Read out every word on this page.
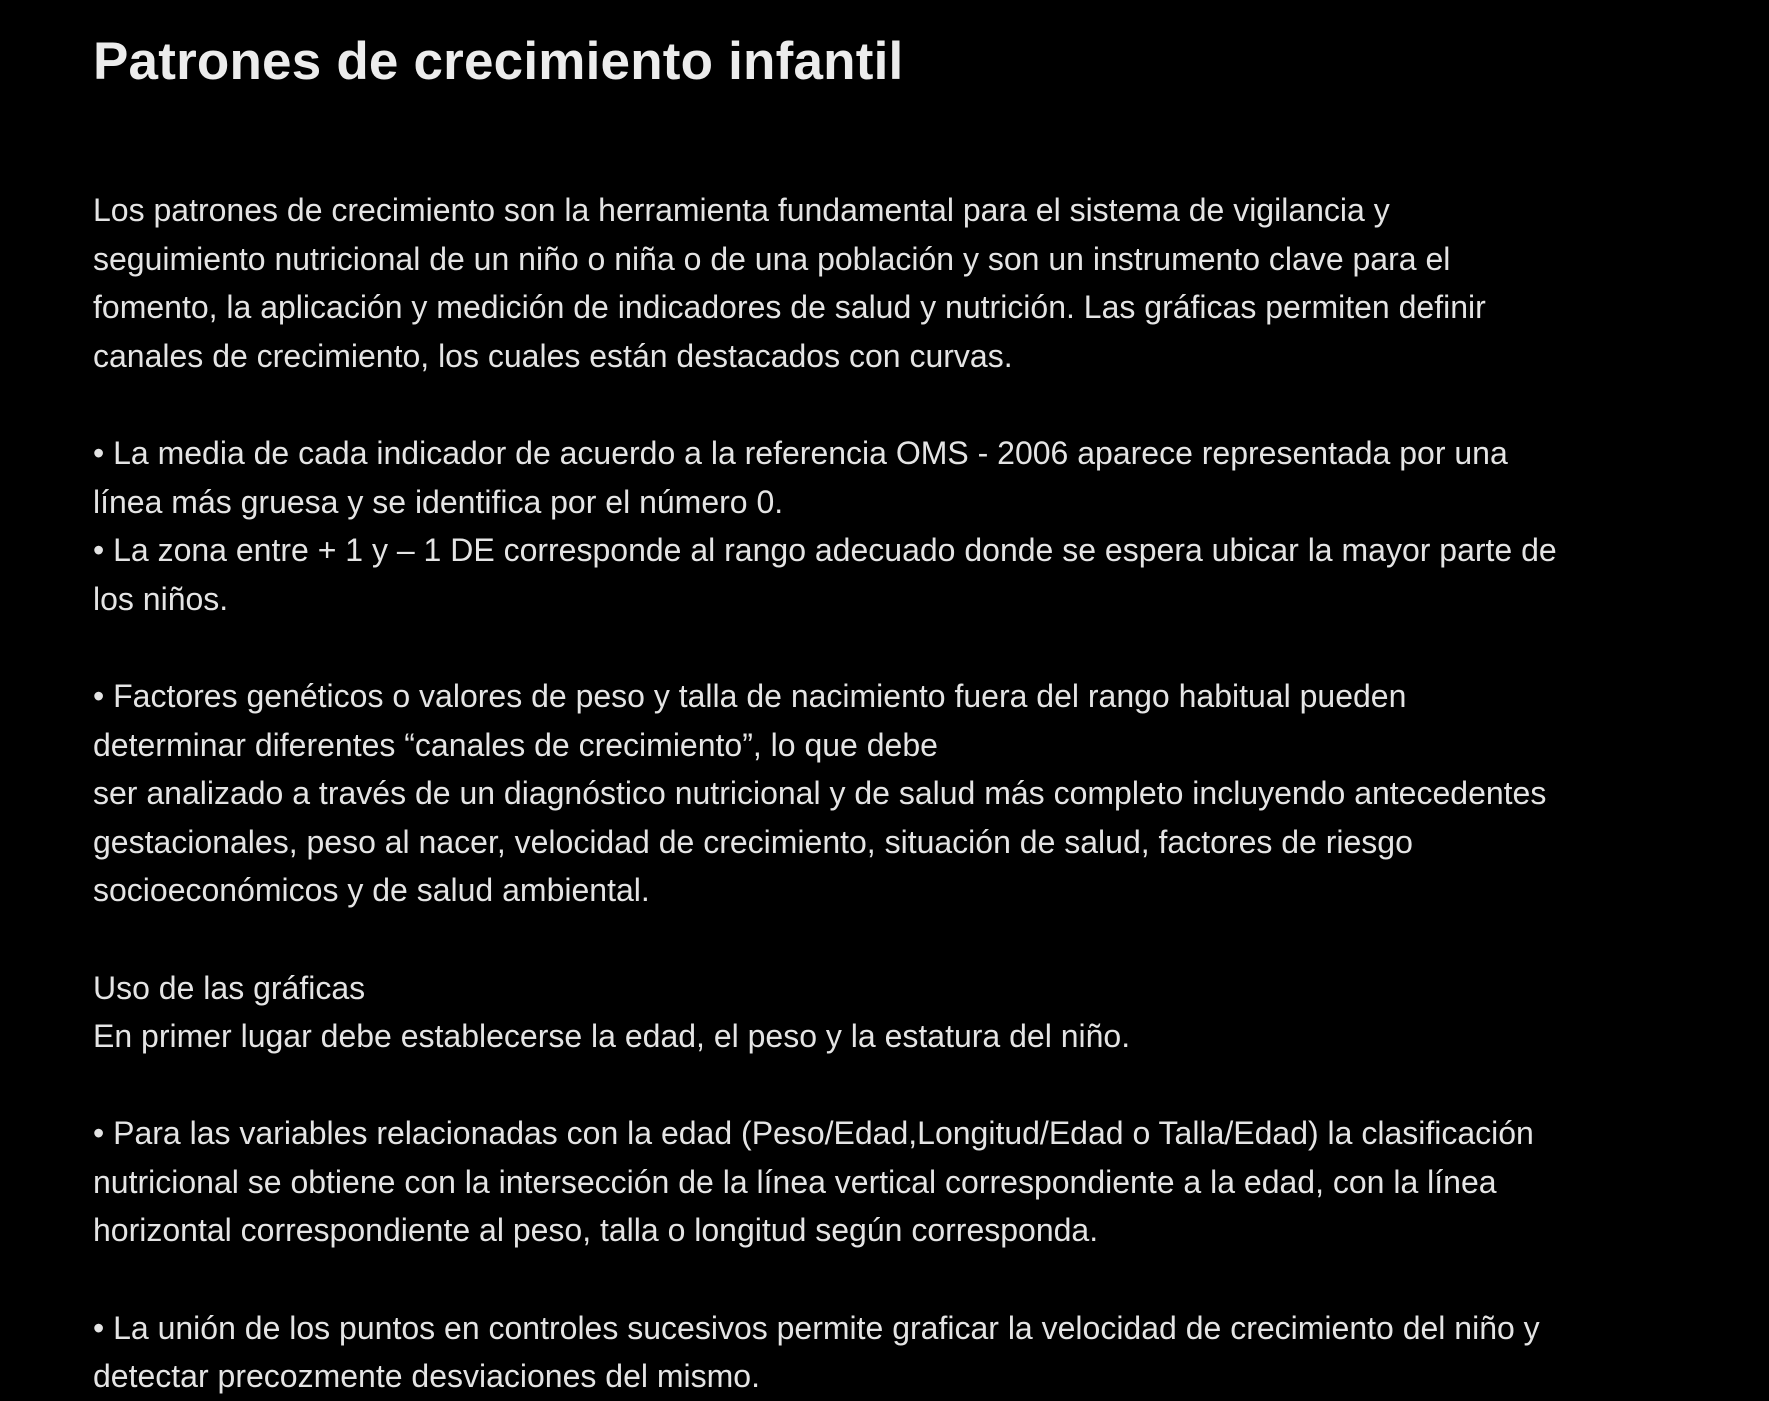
Patrones de crecimiento infantil
Los patrones de crecimiento son la herramienta fundamental para el sistema de vigilancia y
seguimiento nutricional de un niño o niña o de una población y son un instrumento clave para el
fomento, la aplicación y medición de indicadores de salud y nutrición. Las gráficas permiten definir
canales de crecimiento, los cuales están destacados con curvas.
• La media de cada indicador de acuerdo a la referencia OMS - 2006 aparece representada por una
línea más gruesa y se identifica por el número 0.
• La zona entre + 1 y – 1 DE corresponde al rango adecuado donde se espera ubicar la mayor parte de
los niños.
• Factores genéticos o valores de peso y talla de nacimiento fuera del rango habitual pueden
determinar diferentes “canales de crecimiento”, lo que debe
ser analizado a través de un diagnóstico nutricional y de salud más completo incluyendo antecedentes
gestacionales, peso al nacer, velocidad de crecimiento, situación de salud, factores de riesgo
socioeconómicos y de salud ambiental.
Uso de las gráficas
En primer lugar debe establecerse la edad, el peso y la estatura del niño.
• Para las variables relacionadas con la edad (Peso/Edad,Longitud/Edad o Talla/Edad) la clasificación
nutricional se obtiene con la intersección de la línea vertical correspondiente a la edad, con la línea
horizontal correspondiente al peso, talla o longitud según corresponda.
• La unión de los puntos en controles sucesivos permite graficar la velocidad de crecimiento del niño y
detectar precozmente desviaciones del mismo.
